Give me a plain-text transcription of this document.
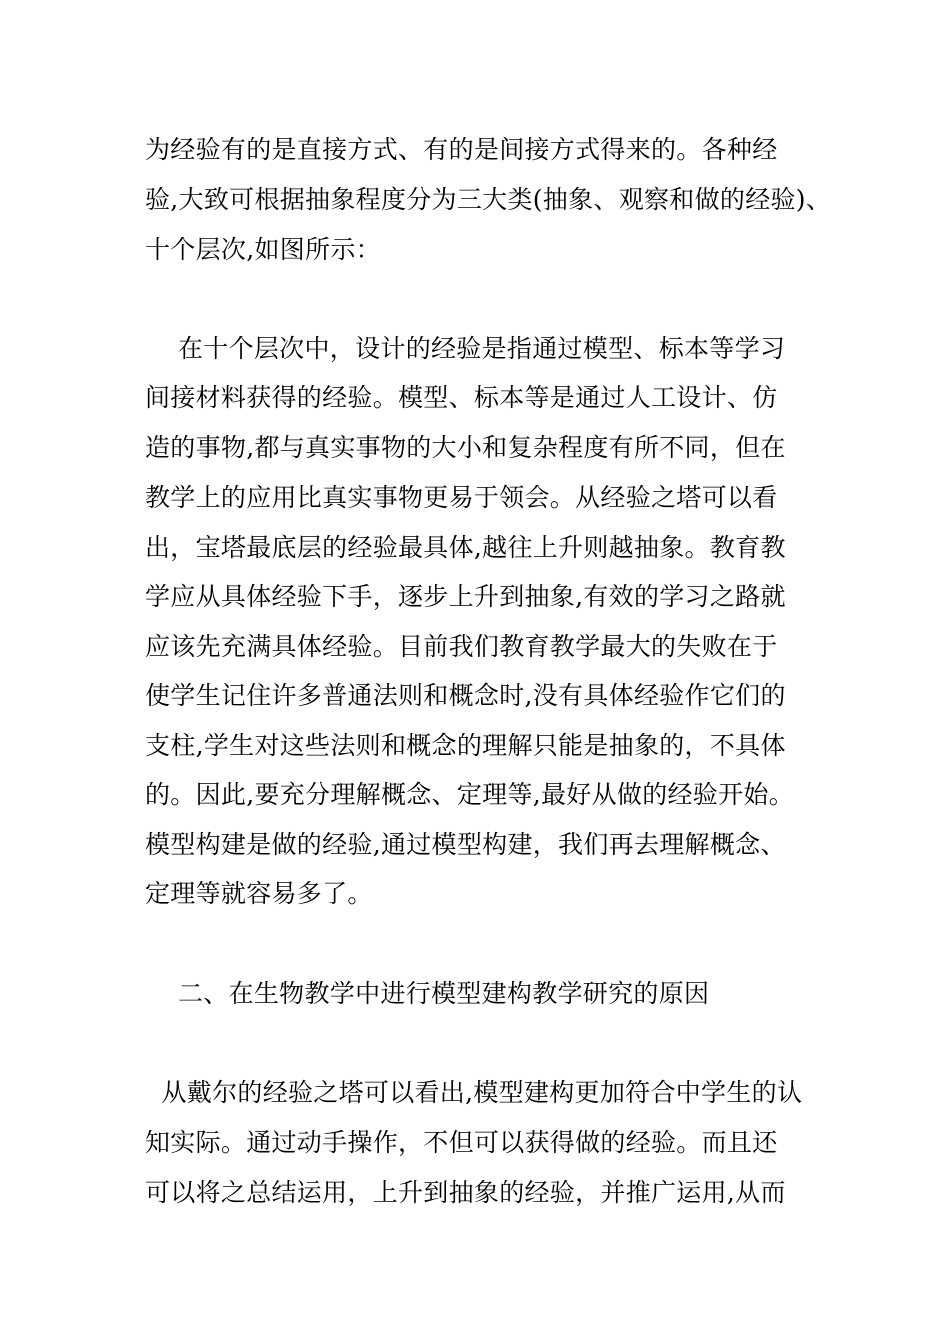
为经验有的是直接方式、有的是间接方式得来的。各种经
验,大致可根据抽象程度分为三大类(抽象、观察和做的经验)、
十个层次,如图所示：
在十个层次中，设计的经验是指通过模型、标本等学习
间接材料获得的经验。模型、标本等是通过人工设计、仿
造的事物,都与真实事物的大小和复杂程度有所不同，但在
教学上的应用比真实事物更易于领会。从经验之塔可以看
出，宝塔最底层的经验最具体,越往上升则越抽象。教育教
学应从具体经验下手，逐步上升到抽象,有效的学习之路就
应该先充满具体经验。目前我们教育教学最大的失败在于
使学生记住许多普通法则和概念时,没有具体经验作它们的
支柱,学生对这些法则和概念的理解只能是抽象的，不具体
的。因此,要充分理解概念、定理等,最好从做的经验开始。
模型构建是做的经验,通过模型构建，我们再去理解概念、
定理等就容易多了。
二、在生物教学中进行模型建构教学研究的原因
从戴尔的经验之塔可以看出,模型建构更加符合中学生的认
知实际。通过动手操作，不但可以获得做的经验。而且还
可以将之总结运用，上升到抽象的经验，并推广运用,从而
